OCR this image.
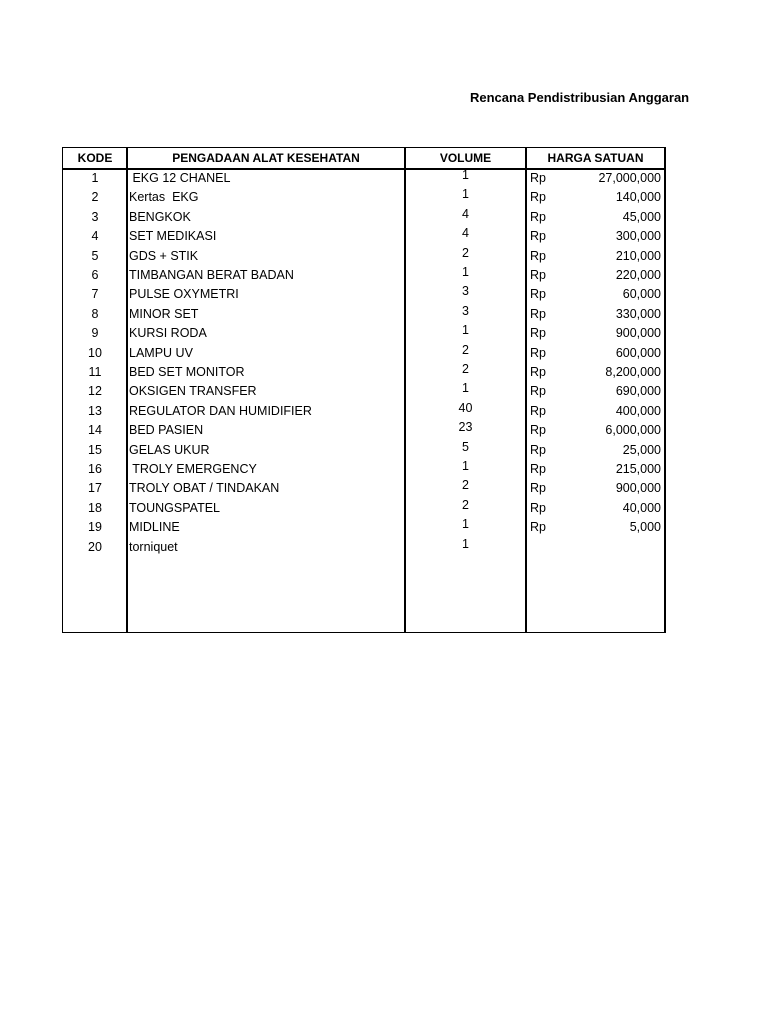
Rencana Pendistribusian Anggaran
KODE	PENGADAAN ALAT KESEHATAN	VOLUME	HARGA SATUAN
1	EKG 12 CHANEL	1	Rp	27,000,000
2	Kertas  EKG	1	Rp	140,000
3	BENGKOK	4	Rp	45,000
4	SET MEDIKASI	4	Rp	300,000
5	GDS + STIK	2	Rp	210,000
6	TIMBANGAN BERAT BADAN	1	Rp	220,000
7	PULSE OXYMETRI	3	Rp	60,000
8	MINOR SET	3	Rp	330,000
9	KURSI RODA	1	Rp	900,000
10	LAMPU UV	2	Rp	600,000
11	BED SET MONITOR	2	Rp	8,200,000
12	OKSIGEN TRANSFER	1	Rp	690,000
13	REGULATOR DAN HUMIDIFIER	40	Rp	400,000
14	BED PASIEN	23	Rp	6,000,000
15	GELAS UKUR	5	Rp	25,000
16	TROLY EMERGENCY	1	Rp	215,000
17	TROLY OBAT / TINDAKAN	2	Rp	900,000
18	TOUNGSPATEL	2	Rp	40,000
19	MIDLINE	1	Rp	5,000
20	torniquet	1
